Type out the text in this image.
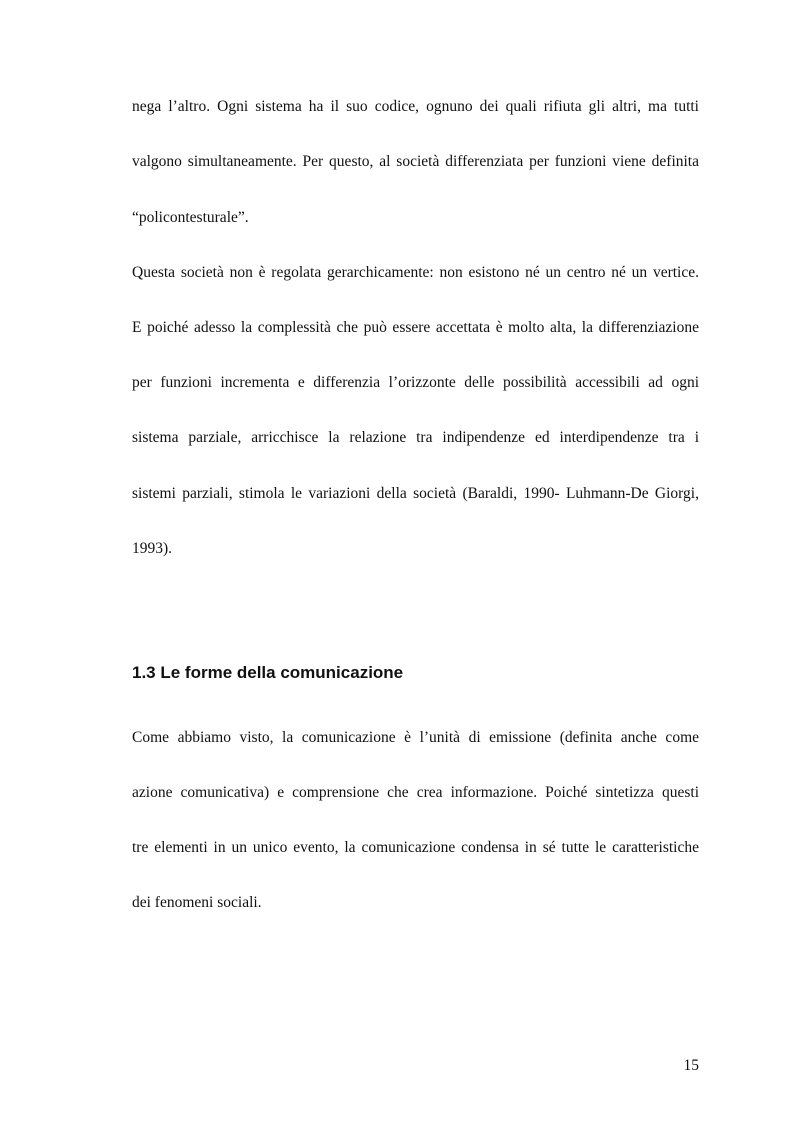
nega l’altro. Ogni sistema ha il suo codice, ognuno dei quali rifiuta gli altri, ma tutti
valgono simultaneamente. Per questo, al società differenziata per funzioni viene definita
“policontesturale”.
Questa società non è regolata gerarchicamente: non esistono né un centro né un vertice.
E poiché adesso la complessità che può essere accettata è molto alta, la differenziazione
per funzioni incrementa e differenzia l’orizzonte delle possibilità accessibili ad ogni
sistema parziale, arricchisce la relazione tra indipendenze ed interdipendenze tra i
sistemi parziali, stimola le variazioni della società (Baraldi, 1990- Luhmann-De Giorgi,
1993).
1.3 Le forme della comunicazione
Come abbiamo visto, la comunicazione è l’unità di emissione (definita anche come
azione comunicativa) e comprensione che crea informazione. Poiché sintetizza questi
tre elementi in un unico evento, la comunicazione condensa in sé tutte le caratteristiche
dei fenomeni sociali.
15
